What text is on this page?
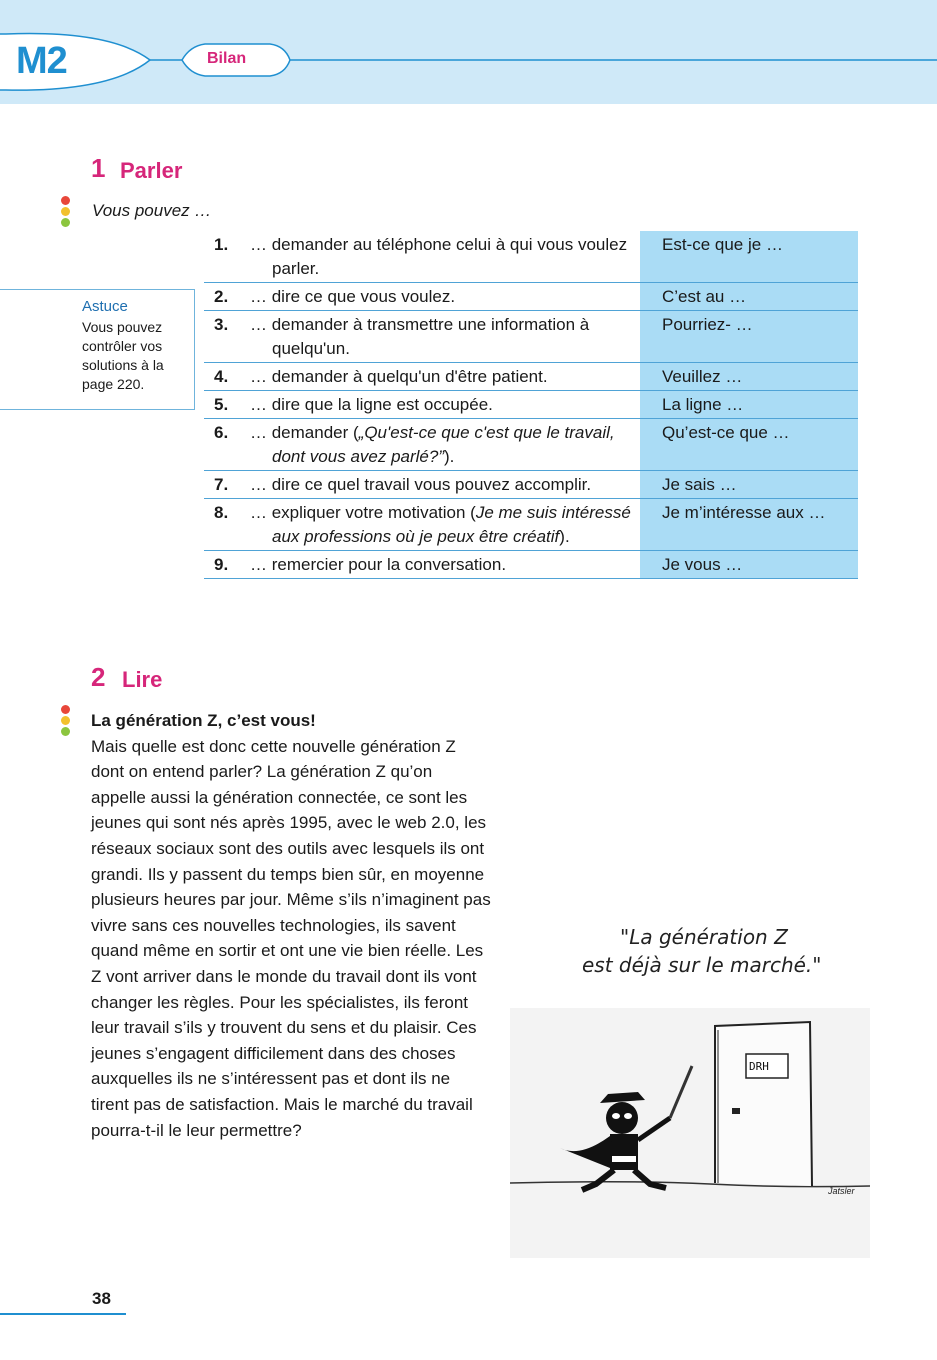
M2	Bilan
1 Parler
Vous pouvez …
Astuce
Vous pouvez contrôler vos solutions à la page 220.
1.	… demander au téléphone celui à qui vous voulez parler.	Est-ce que je …
2.	… dire ce que vous voulez.	C’est au …
3.	… demander à transmettre une information à quelqu'un.	Pourriez- …
4.	… demander à quelqu'un d'être patient.	Veuillez …
5.	… dire que la ligne est occupée.	La ligne …
6.	… demander („Qu'est-ce que c'est que le travail, dont vous avez parlé?”).	Qu’est-ce que …
7.	… dire ce quel travail vous pouvez accomplir.	Je sais …
8.	… expliquer votre motivation (Je me suis intéressé aux professions où je peux être créatif).	Je m’intéresse aux …
9.	… remercier pour la conversation.	Je vous …
2 Lire
La génération Z, c’est vous!
Mais quelle est donc cette nouvelle génération Z dont on entend parler? La génération Z qu’on appelle aussi la génération connectée, ce sont les jeunes qui sont nés après 1995, avec le web 2.0, les réseaux sociaux sont des outils avec lesquels ils ont grandi. Ils y passent du temps bien sûr, en moyenne plusieurs heures par jour. Même s’ils n’imaginent pas vivre sans ces nouvelles technologies, ils savent quand même en sortir et ont une vie bien réelle. Les Z vont arriver dans le monde du travail dont ils vont changer les règles. Pour les spécialistes, ils feront leur travail s’ils y trouvent du sens et du plaisir. Ces jeunes s’engagent difficilement dans des choses auxquelles ils ne s’intéressent pas et dont ils ne tirent pas de satisfaction. Mais le marché du travail pourra-t-il le leur permettre?
"La génération Z
est déjà sur le marché."
DRH
Jatsler
38
